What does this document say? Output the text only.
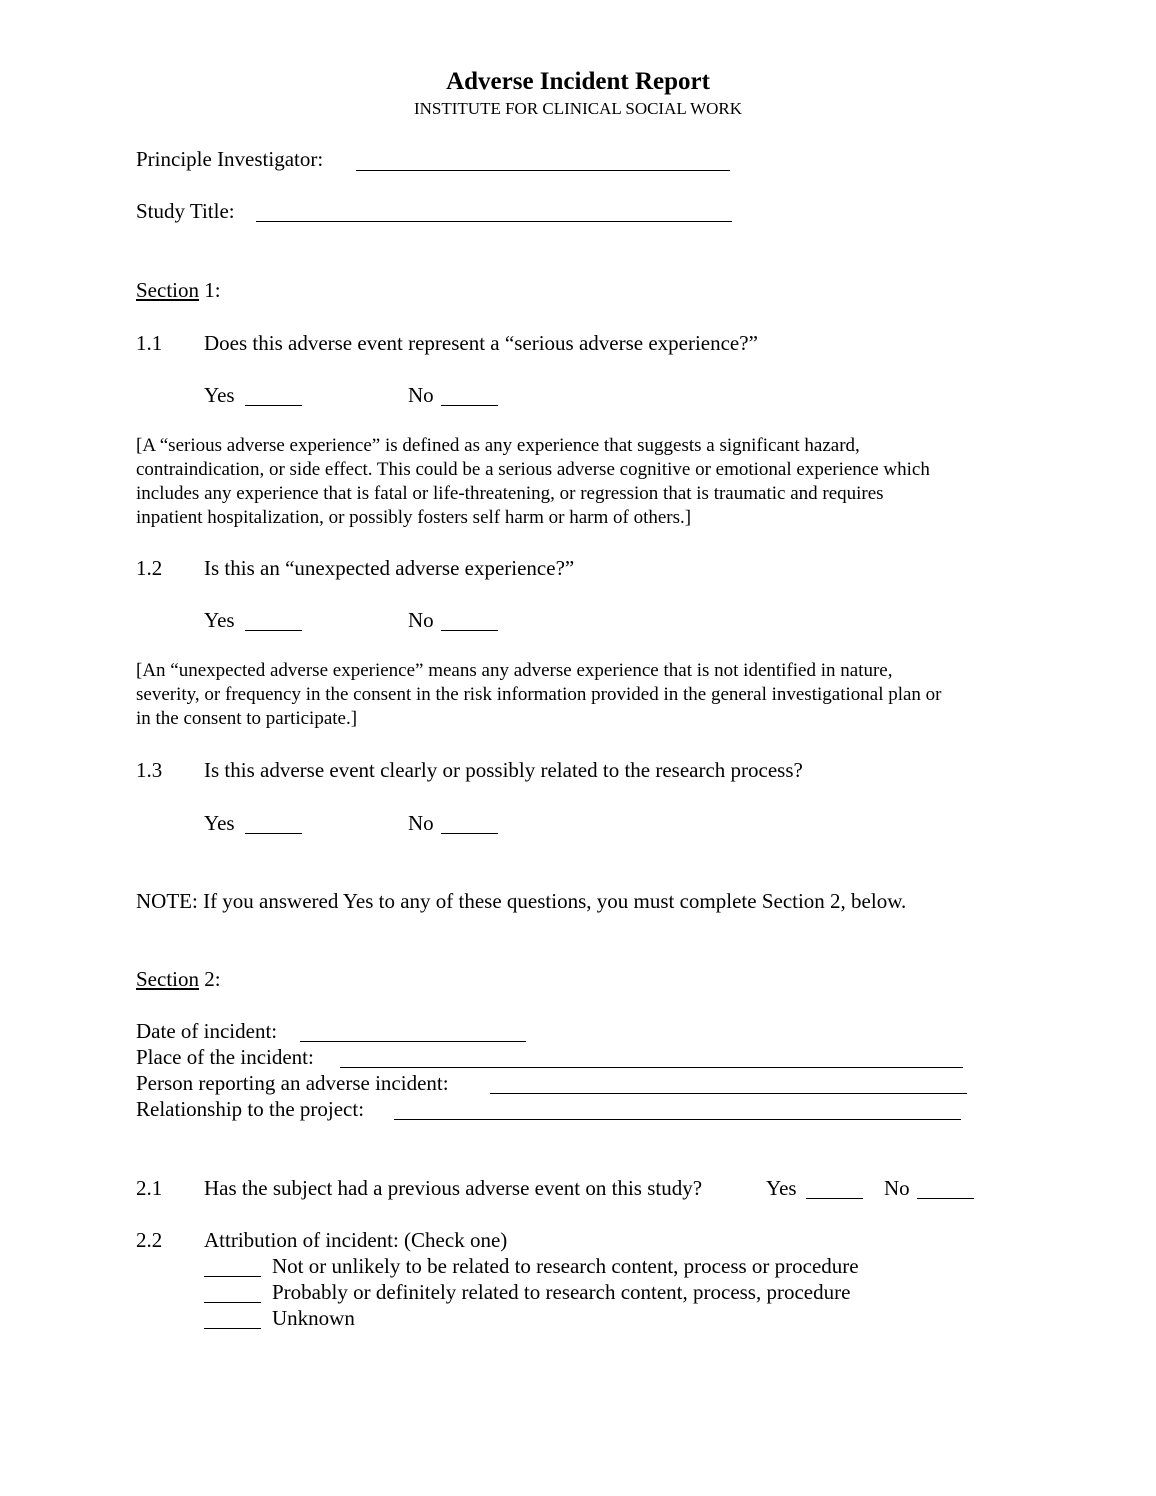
Adverse Incident Report
INSTITUTE FOR CLINICAL SOCIAL WORK
Principle Investigator:
Study Title:
Section 1:
1.1 Does this adverse event represent a “serious adverse experience?”
Yes	No
[A “serious adverse experience” is defined as any experience that suggests a significant hazard,
contraindication, or side effect. This could be a serious adverse cognitive or emotional experience which
includes any experience that is fatal or life-threatening, or regression that is traumatic and requires
inpatient hospitalization, or possibly fosters self harm or harm of others.]
1.2 Is this an “unexpected adverse experience?”
Yes	No
[An “unexpected adverse experience” means any adverse experience that is not identified in nature,
severity, or frequency in the consent in the risk information provided in the general investigational plan or
in the consent to participate.]
1.3 Is this adverse event clearly or possibly related to the research process?
Yes	No
NOTE: If you answered Yes to any of these questions, you must complete Section 2, below.
Section 2:
Date of incident:
Place of the incident:
Person reporting an adverse incident:
Relationship to the project:
2.1 Has the subject had a previous adverse event on this study?	Yes	No
2.2 Attribution of incident: (Check one)
Not or unlikely to be related to research content, process or procedure
Probably or definitely related to research content, process, procedure
Unknown
